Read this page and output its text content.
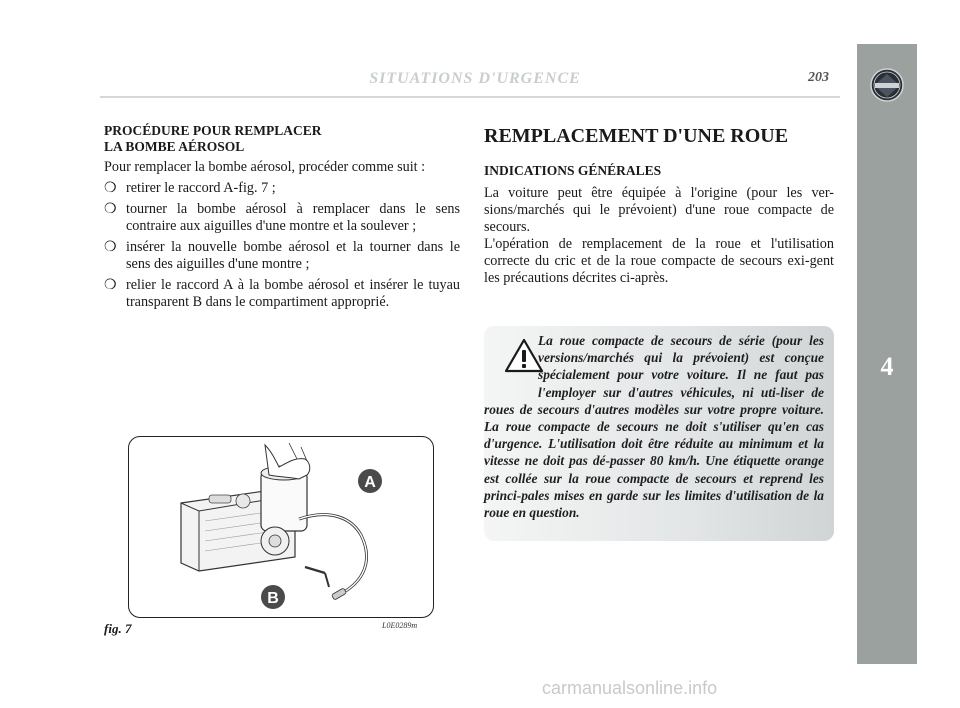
SITUATIONS D'URGENCE	203
4
PROCÉDURE POUR REMPLACER
LA BOMBE AÉROSOL

Pour remplacer la bombe aérosol, procéder comme suit :

❍ retirer le raccord A-fig. 7 ;
❍ tourner la bombe aérosol à remplacer dans le sens contraire aux aiguilles d'une montre et la soulever ;
❍ insérer la nouvelle bombe aérosol et la tourner dans le sens des aiguilles d'une montre ;
❍ relier le raccord A à la bombe aérosol et insérer le tuyau transparent B dans le compartiment approprié.
REMPLACEMENT D'UNE ROUE
INDICATIONS GÉNÉRALES

La voiture peut être équipée à l'origine (pour les ver-sions/marchés qui le prévoient) d'une roue compacte de secours.

L'opération de remplacement de la roue et l'utilisation correcte du cric et de la roue compacte de secours exi-gent les précautions décrites ci-après.

La roue compacte de secours de série (pour les versions/marchés qui la prévoient) est conçue spécialement pour votre voiture. Il ne faut pas l'employer sur d'autres véhicules, ni uti-liser de roues de secours d'autres modèles sur votre propre voiture. La roue compacte de secours ne doit s'utiliser qu'en cas d'urgence. L'utilisation doit être réduite au minimum et la vitesse ne doit pas dé-passer 80 km/h. Une étiquette orange est collée sur la roue compacte de secours et reprend les princi-pales mises en garde sur les limites d'utilisation de la roue en question.
A
B
fig. 7	L0E0289m
carmanualsonline.info
